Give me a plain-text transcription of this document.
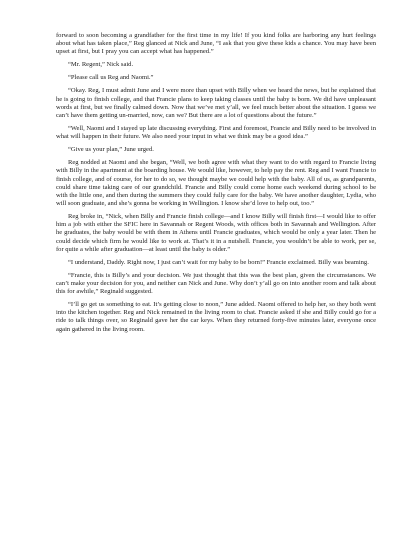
forward to soon becoming a grandfather for the first time in my life! If you kind folks are harboring any hurt feelings about what has taken place,” Reg glanced at Nick and June, “I ask that you give these kids a chance. You may have been upset at first, but I pray you can accept what has happened.”

“Mr. Regent,” Nick said.

“Please call us Reg and Naomi.”

“Okay. Reg, I must admit June and I were more than upset with Billy when we heard the news, but he explained that he is going to finish college, and that Francie plans to keep taking classes until the baby is born. We did have unpleasant words at first, but we finally calmed down. Now that we’ve met y’all, we feel much better about the situation. I guess we can’t have them getting un-married, now, can we? But there are a lot of questions about the future.”

“Well, Naomi and I stayed up late discussing everything. First and foremost, Francie and Billy need to be involved in what will happen in their future. We also need your input in what we think may be a good idea.”

“Give us your plan,” June urged.

Reg nodded at Naomi and she began, “Well, we both agree with what they want to do with regard to Francie living with Billy in the apartment at the boarding house. We would like, however, to help pay the rent. Reg and I want Francie to finish college, and of course, for her to do so, we thought maybe we could help with the baby. All of us, as grandparents, could share time taking care of our grandchild. Francie and Billy could come home each weekend during school to be with the little one, and then during the summers they could fully care for the baby. We have another daughter, Lydia, who will soon graduate, and she’s gonna be working in Wellington. I know she’d love to help out, too.”

Reg broke in, “Nick, when Billy and Francie finish college—and I know Billy will finish first—I would like to offer him a job with either the SFIC here in Savannah or Regent Woods, with offices both in Savannah and Wellington. After he graduates, the baby would be with them in Athens until Francie graduates, which would be only a year later. Then he could decide which firm he would like to work at. That’s it in a nutshell. Francie, you wouldn’t be able to work, per se, for quite a while after graduation—at least until the baby is older.”

“I understand, Daddy. Right now, I just can’t wait for my baby to be born!” Francie exclaimed. Billy was beaming.

“Francie, this is Billy’s and your decision. We just thought that this was the best plan, given the circumstances. We can’t make your decision for you, and neither can Nick and June. Why don’t y’all go on into another room and talk about this for awhile,” Reginald suggested.

“I’ll go get us something to eat. It’s getting close to noon,” June added. Naomi offered to help her, so they both went into the kitchen together. Reg and Nick remained in the living room to chat. Francie asked if she and Billy could go for a ride to talk things over, so Reginald gave her the car keys. When they returned forty-five minutes later, everyone once again gathered in the living room.
